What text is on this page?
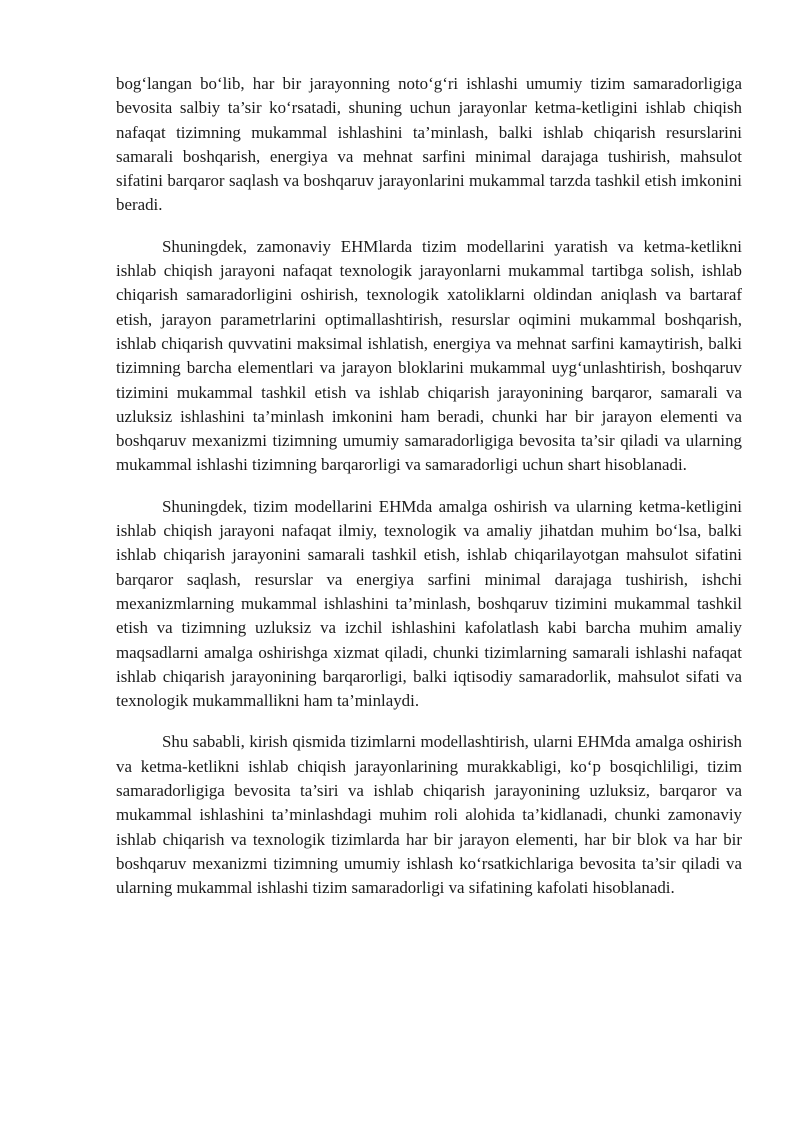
bog‘langan bo‘lib, har bir jarayonning noto‘g‘ri ishlashi umumiy tizim samaradorligiga bevosita salbiy ta’sir ko‘rsatadi, shuning uchun jarayonlar ketma-ketligini ishlab chiqish nafaqat tizimning mukammal ishlashini ta’minlash, balki ishlab chiqarish resurslarini samarali boshqarish, energiya va mehnat sarfini minimal darajaga tushirish, mahsulot sifatini barqaror saqlash va boshqaruv jarayonlarini mukammal tarzda tashkil etish imkonini beradi.

Shuningdek, zamonaviy EHMlarda tizim modellarini yaratish va ketma-ketlikni ishlab chiqish jarayoni nafaqat texnologik jarayonlarni mukammal tartibga solish, ishlab chiqarish samaradorligini oshirish, texnologik xatoliklarni oldindan aniqlash va bartaraf etish, jarayon parametrlarini optimallashtirish, resurslar oqimini mukammal boshqarish, ishlab chiqarish quvvatini maksimal ishlatish, energiya va mehnat sarfini kamaytirish, balki tizimning barcha elementlari va jarayon bloklarini mukammal uyg‘unlashtirish, boshqaruv tizimini mukammal tashkil etish va ishlab chiqarish jarayonining barqaror, samarali va uzluksiz ishlashini ta’minlash imkonini ham beradi, chunki har bir jarayon elementi va boshqaruv mexanizmi tizimning umumiy samaradorligiga bevosita ta’sir qiladi va ularning mukammal ishlashi tizimning barqarorligi va samaradorligi uchun shart hisoblanadi.

Shuningdek, tizim modellarini EHMda amalga oshirish va ularning ketma-ketligini ishlab chiqish jarayoni nafaqat ilmiy, texnologik va amaliy jihatdan muhim bo‘lsa, balki ishlab chiqarish jarayonini samarali tashkil etish, ishlab chiqarilayotgan mahsulot sifatini barqaror saqlash, resurslar va energiya sarfini minimal darajaga tushirish, ishchi mexanizmlarning mukammal ishlashini ta’minlash, boshqaruv tizimini mukammal tashkil etish va tizimning uzluksiz va izchil ishlashini kafolatlash kabi barcha muhim amaliy maqsadlarni amalga oshirishga xizmat qiladi, chunki tizimlarning samarali ishlashi nafaqat ishlab chiqarish jarayonining barqarorligi, balki iqtisodiy samaradorlik, mahsulot sifati va texnologik mukammallikni ham ta’minlaydi.

Shu sababli, kirish qismida tizimlarni modellashtirish, ularni EHMda amalga oshirish va ketma-ketlikni ishlab chiqish jarayonlarining murakkabligi, ko‘p bosqichliligi, tizim samaradorligiga bevosita ta’siri va ishlab chiqarish jarayonining uzluksiz, barqaror va mukammal ishlashini ta’minlashdagi muhim roli alohida ta’kidlanadi, chunki zamonaviy ishlab chiqarish va texnologik tizimlarda har bir jarayon elementi, har bir blok va har bir boshqaruv mexanizmi tizimning umumiy ishlash ko‘rsatkichlariga bevosita ta’sir qiladi va ularning mukammal ishlashi tizim samaradorligi va sifatining kafolati hisoblanadi.
